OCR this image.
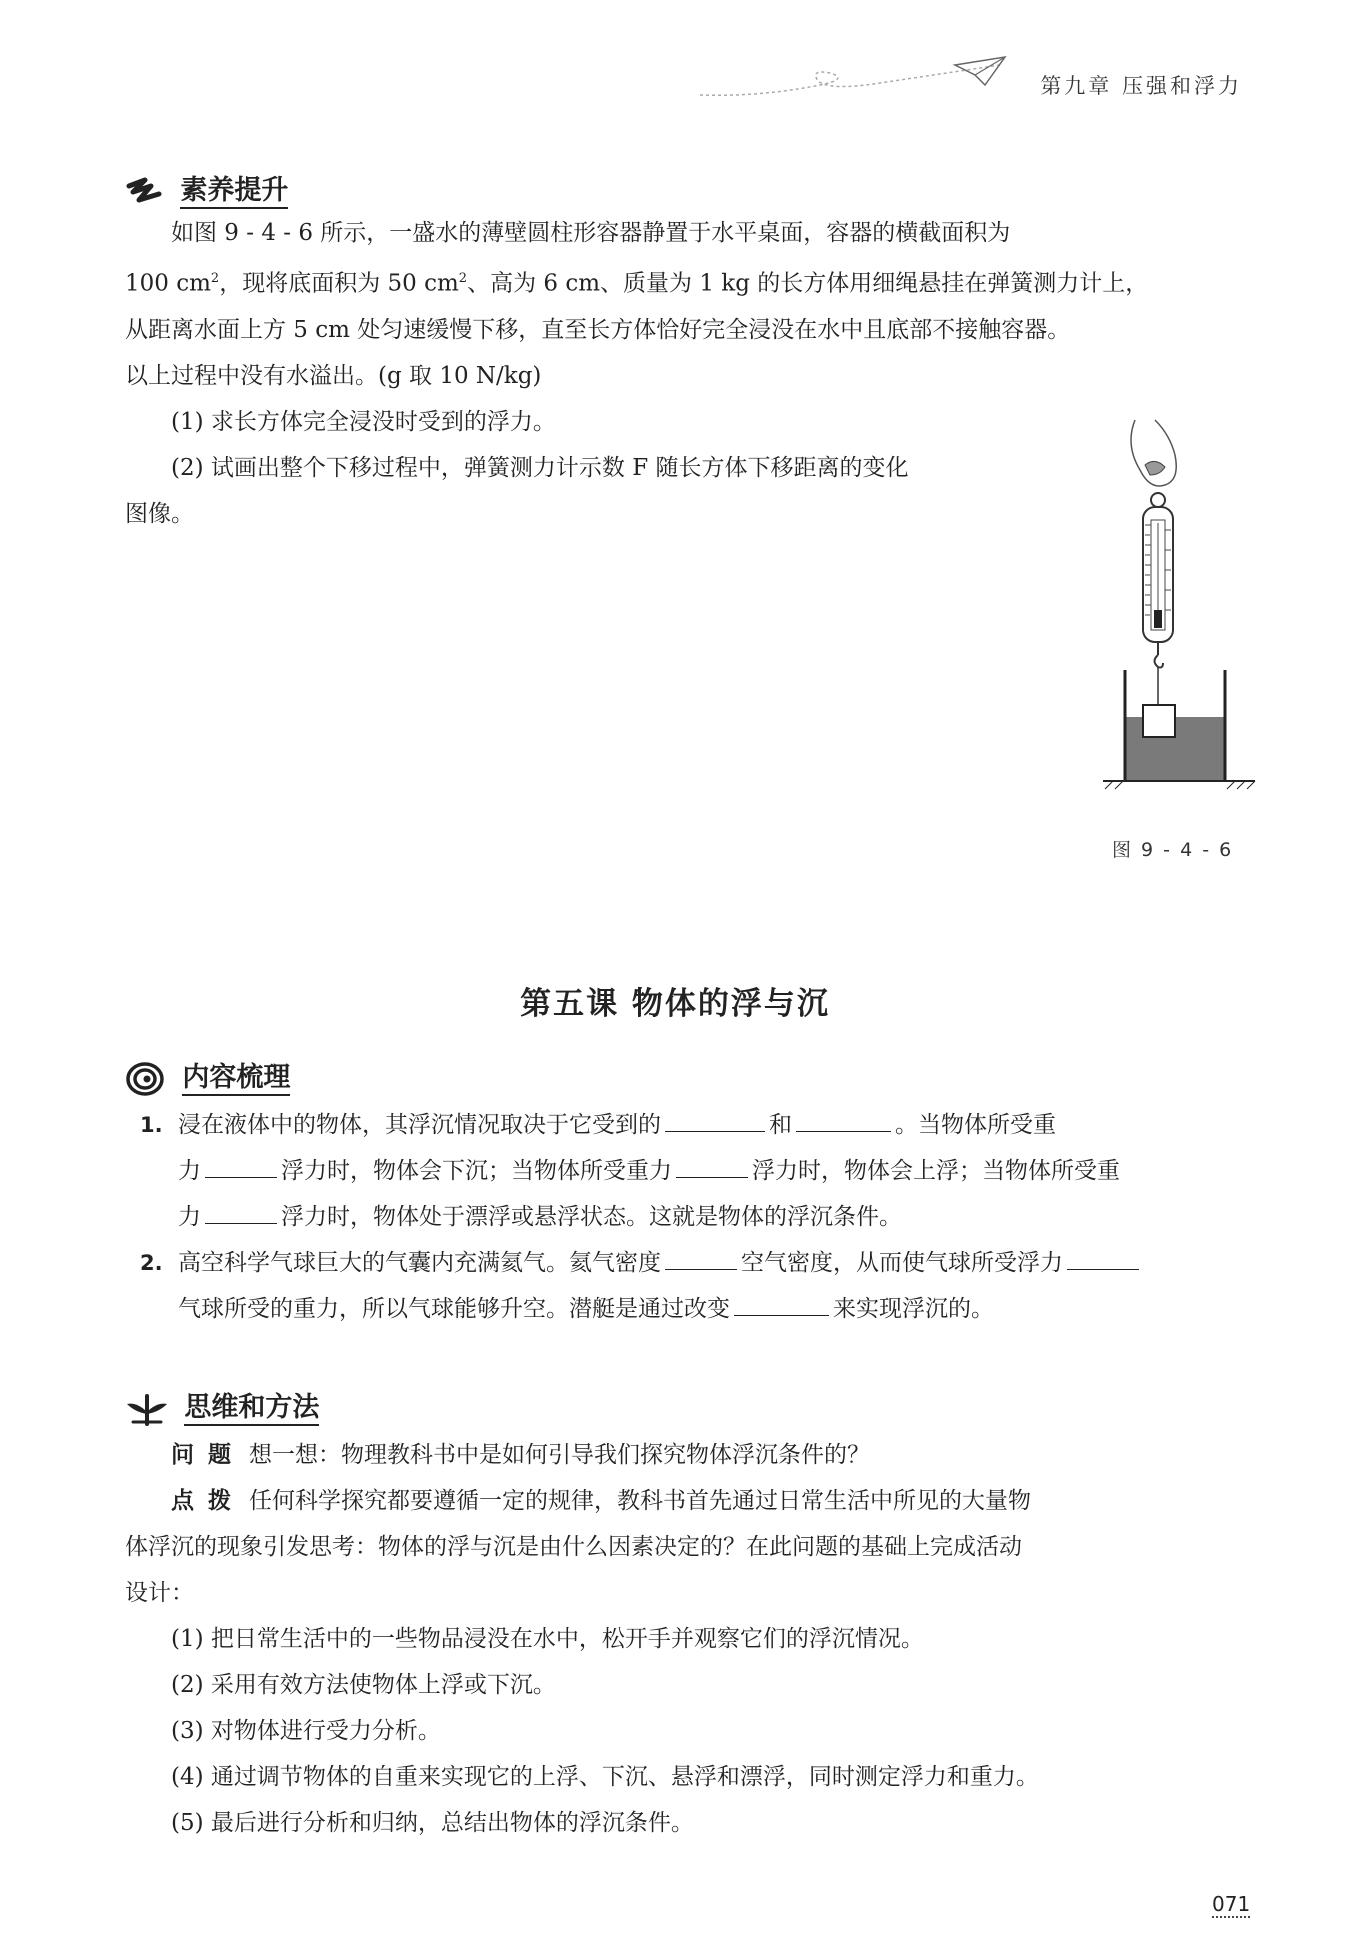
第九章 压强和浮力
素养提升
如图 9 - 4 - 6 所示，一盛水的薄壁圆柱形容器静置于水平桌面，容器的横截面积为
100 $cm^2$，现将底面积为 50 $cm^2$、高为 6 cm、质量为 1 kg 的长方体用细绳悬挂在弹簧测力计上，
从距离水面上方 5 cm 处匀速缓慢下移，直至长方体恰好完全浸没在水中且底部不接触容器。
以上过程中没有水溢出。(g 取 10 N/kg)
(1) 求长方体完全浸没时受到的浮力。
(2) 试画出整个下移过程中，弹簧测力计示数 F 随长方体下移距离的变化
图像。
图 9 - 4 - 6
第五课 物体的浮与沉
内容梳理
1. 浸在液体中的物体，其浮沉情况取决于它受到的	和	。当物体所受重
力	浮力时，物体会下沉；当物体所受重力	浮力时，物体会上浮；当物体所受重
力	浮力时，物体处于漂浮或悬浮状态。这就是物体的浮沉条件。
2. 高空科学气球巨大的气囊内充满氦气。氦气密度	空气密度，从而使气球所受浮力
气球所受的重力，所以气球能够升空。潜艇是通过改变	来实现浮沉的。
思维和方法
问题 想一想：物理教科书中是如何引导我们探究物体浮沉条件的？
点拨 任何科学探究都要遵循一定的规律，教科书首先通过日常生活中所见的大量物
体浮沉的现象引发思考：物体的浮与沉是由什么因素决定的？在此问题的基础上完成活动
设计：
(1) 把日常生活中的一些物品浸没在水中，松开手并观察它们的浮沉情况。
(2) 采用有效方法使物体上浮或下沉。
(3) 对物体进行受力分析。
(4) 通过调节物体的自重来实现它的上浮、下沉、悬浮和漂浮，同时测定浮力和重力。
(5) 最后进行分析和归纳，总结出物体的浮沉条件。
071
